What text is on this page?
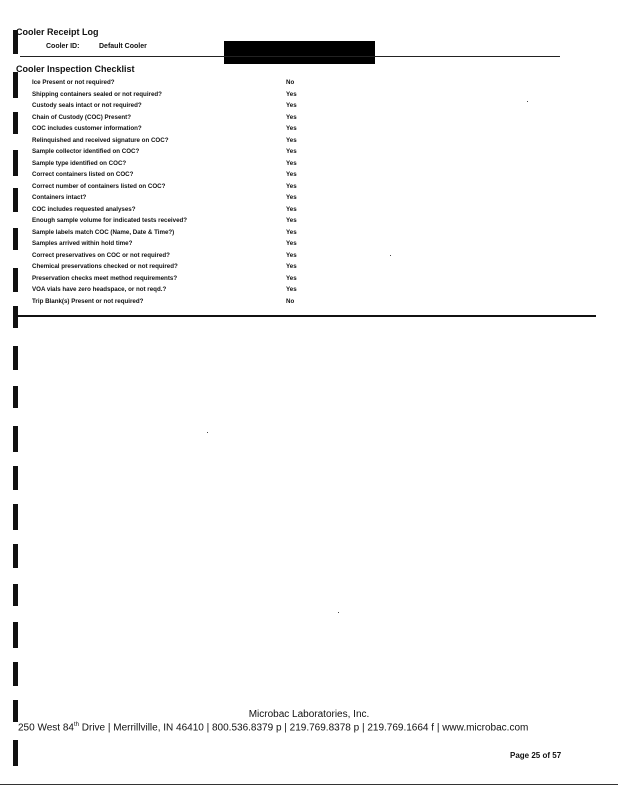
Cooler Receipt Log
Cooler ID:	Default Cooler
Cooler Inspection Checklist
Ice Present or not required?	No
Shipping containers sealed or not required?	Yes
Custody seals intact or not required?	Yes
Chain of Custody (COC) Present?	Yes
COC includes customer information?	Yes
Relinquished and received signature on COC?	Yes
Sample collector identified on COC?	Yes
Sample type identified on COC?	Yes
Correct containers listed on COC?	Yes
Correct number of containers listed on COC?	Yes
Containers intact?	Yes
COC includes requested analyses?	Yes
Enough sample volume for indicated tests received?	Yes
Sample labels match COC (Name, Date & Time?)	Yes
Samples arrived within hold time?	Yes
Correct preservatives on COC or not required?	Yes
Chemical preservations checked or not required?	Yes
Preservation checks meet method requirements?	Yes
VOA vials have zero headspace, or not reqd.?	Yes
Trip Blank(s) Present or not required?	No
Microbac Laboratories, Inc.
250 West 84th Drive | Merrillville, IN 46410 | 800.536.8379 p | 219.769.8378 p | 219.769.1664 f | www.microbac.com
Page 25 of 57
